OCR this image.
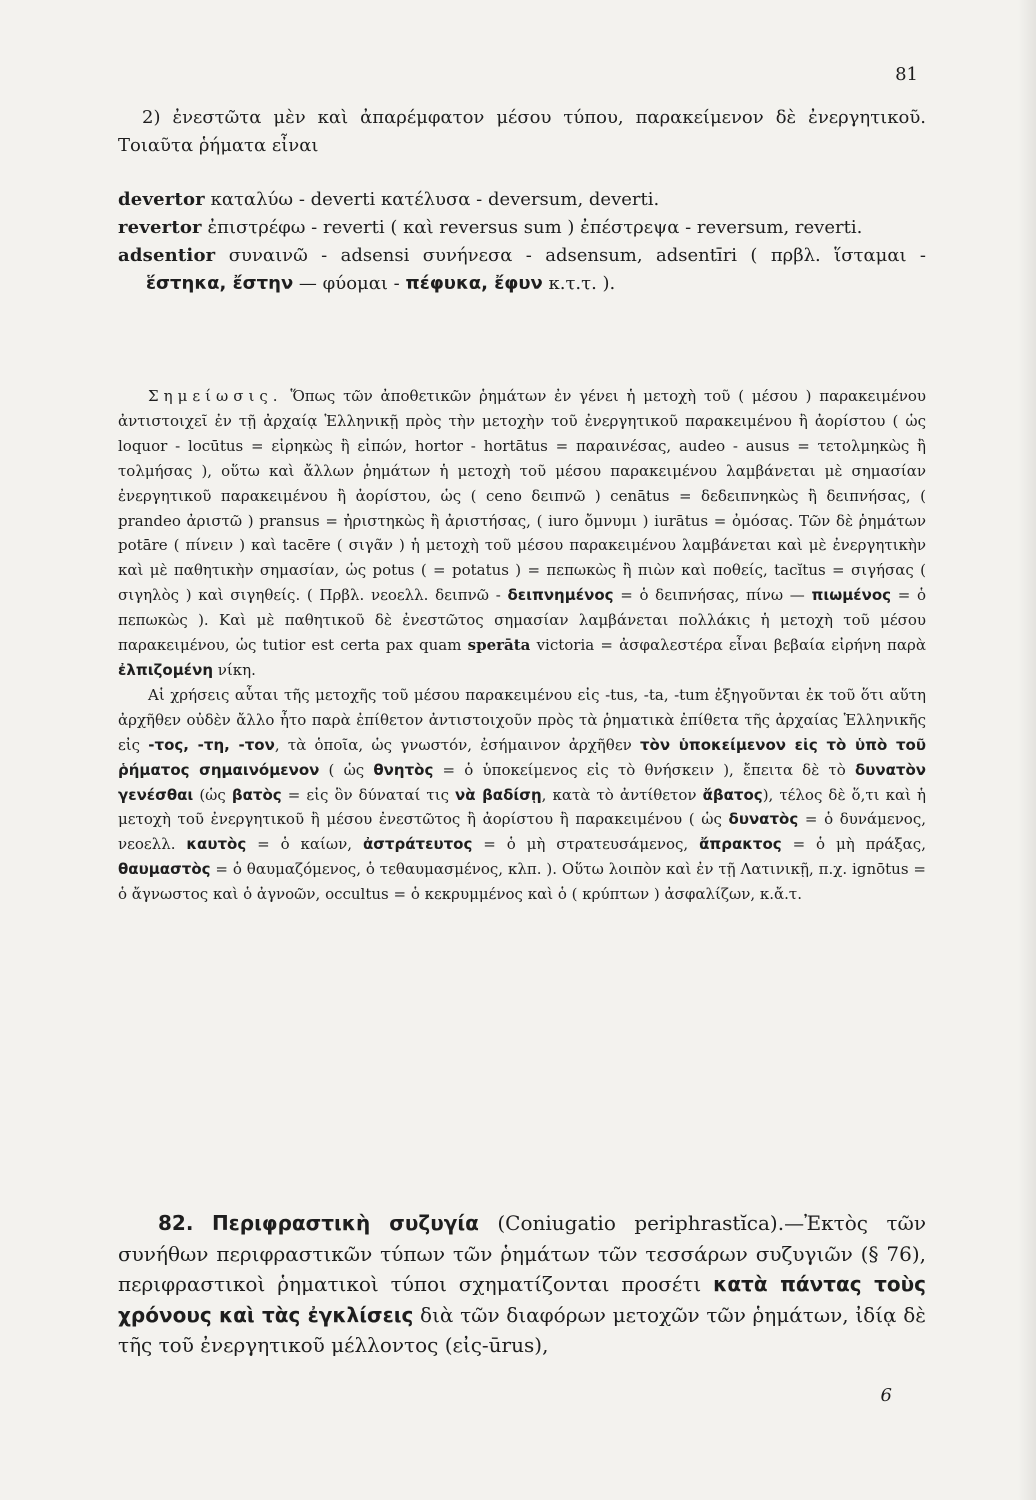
81

2) ἐνεστῶτα μὲν καὶ ἀπαρέμφατον μέσου τύπου, παρακείμενον δὲ ἐνεργητικοῦ. Τοιαῦτα ῥήματα εἶναι

devertor καταλύω - deverti κατέλυσα - deversum, deverti.

revertor ἐπιστρέφω - reverti ( καὶ reversus sum ) ἐπέστρεψα - reversum, reverti.

adsentior συναινῶ - adsensi συνήνεσα - adsensum, adsentīri ( πρβλ. ἵσταμαι - ἕστηκα, ἔστην — φύομαι - πέφυκα, ἔφυν κ.τ.τ. ).

Σημείωσις. Ὅπως τῶν ἀποθετικῶν ῥημάτων ἐν γένει ἡ μετοχὴ τοῦ ( μέσου ) παρακειμένου ἀντιστοιχεῖ ἐν τῇ ἀρχαίᾳ Ἑλληνικῇ πρὸς τὴν μετοχὴν τοῦ ἐνεργητικοῦ παρακειμένου ἢ ἀορίστου ( ὡς loquor - locūtus = εἰρηκὼς ἢ εἰπών, hortor - hortātus = παραινέσας, audeo - ausus = τετολμηκὼς ἢ τολμήσας ), οὕτω καὶ ἄλλων ῥημάτων ἡ μετοχὴ τοῦ μέσου παρακειμένου λαμβάνεται μὲ σημασίαν ἐνεργητικοῦ παρακειμένου ἢ ἀορίστου, ὡς ( ceno δειπνῶ ) cenātus = δεδειπνηκὼς ἢ δειπνήσας, ( prandeo ἀριστῶ ) pransus = ἠριστηκὼς ἢ ἀριστήσας, ( iuro ὄμνυμι ) iurātus = ὀμόσας. Τῶν δὲ ῥημάτων potāre ( πίνειν ) καὶ tacēre ( σιγᾶν ) ἡ μετοχὴ τοῦ μέσου παρακειμένου λαμβάνεται καὶ μὲ ἐνεργητικὴν καὶ μὲ παθητικὴν σημασίαν, ὡς potus ( = potatus ) = πεπωκὼς ἢ πιὼν καὶ ποθείς, tacĭtus = σιγήσας ( σιγηλὸς ) καὶ σιγηθείς. ( Πρβλ. νεοελλ. δειπνῶ - δειπνημένος = ὁ δειπνήσας, πίνω — πιωμένος = ὁ πεπωκὼς ). Καὶ μὲ παθητικοῦ δὲ ἐνεστῶτος σημασίαν λαμβάνεται πολλάκις ἡ μετοχὴ τοῦ μέσου παρακειμένου, ὡς tutior est certa pax quam sperāta victoria = ἀσφαλεστέρα εἶναι βεβαία εἰρήνη παρὰ ἐλπιζομένη νίκη.

Αἱ χρήσεις αὗται τῆς μετοχῆς τοῦ μέσου παρακειμένου εἰς -tus, -ta, -tum ἐξηγοῦνται ἐκ τοῦ ὅτι αὕτη ἀρχῆθεν οὐδὲν ἄλλο ἦτο παρὰ ἐπίθετον ἀντιστοιχοῦν πρὸς τὰ ῥηματικὰ ἐπίθετα τῆς ἀρχαίας Ἑλληνικῆς εἰς -τος, -τη, -τον, τὰ ὁποῖα, ὡς γνωστόν, ἐσήμαινον ἀρχῆθεν τὸν ὑποκείμενον εἰς τὸ ὑπὸ τοῦ ῥήματος σημαινόμενον ( ὡς θνητὸς = ὁ ὑποκείμενος εἰς τὸ θνήσκειν ), ἔπειτα δὲ τὸ δυνατὸν γενέσθαι (ὡς βατὸς = εἰς ὃν δύναταί τις νὰ βαδίσῃ, κατὰ τὸ ἀντίθετον ἄβατος), τέλος δὲ ὅ,τι καὶ ἡ μετοχὴ τοῦ ἐνεργητικοῦ ἢ μέσου ἐνεστῶτος ἢ ἀορίστου ἢ παρακειμένου ( ὡς δυνατὸς = ὁ δυνάμενος, νεοελλ. καυτὸς = ὁ καίων, ἀστράτευτος = ὁ μὴ στρατευσάμενος, ἄπρακτος = ὁ μὴ πράξας, θαυμαστὸς = ὁ θαυμαζόμενος, ὁ τεθαυμασμένος, κλπ. ). Οὕτω λοιπὸν καὶ ἐν τῇ Λατινικῇ, π.χ. ignōtus = ὁ ἄγνωστος καὶ ὁ ἀγνοῶν, occultus = ὁ κεκρυμμένος καὶ ὁ ( κρύπτων ) ἀσφαλίζων, κ.ἄ.τ.

82. Περιφραστικὴ συζυγία (Coniugatio periphrastĭca).—Ἐκτὸς τῶν συνήθων περιφραστικῶν τύπων τῶν ῥημάτων τῶν τεσσάρων συζυγιῶν (§ 76), περιφραστικοὶ ῥηματικοὶ τύποι σχηματίζονται προσέτι κατὰ πάντας τοὺς χρόνους καὶ τὰς ἐγκλίσεις διὰ τῶν διαφόρων μετοχῶν τῶν ῥημάτων, ἰδίᾳ δὲ τῆς τοῦ ἐνεργητικοῦ μέλλοντος (εἰς-ūrus),

6
